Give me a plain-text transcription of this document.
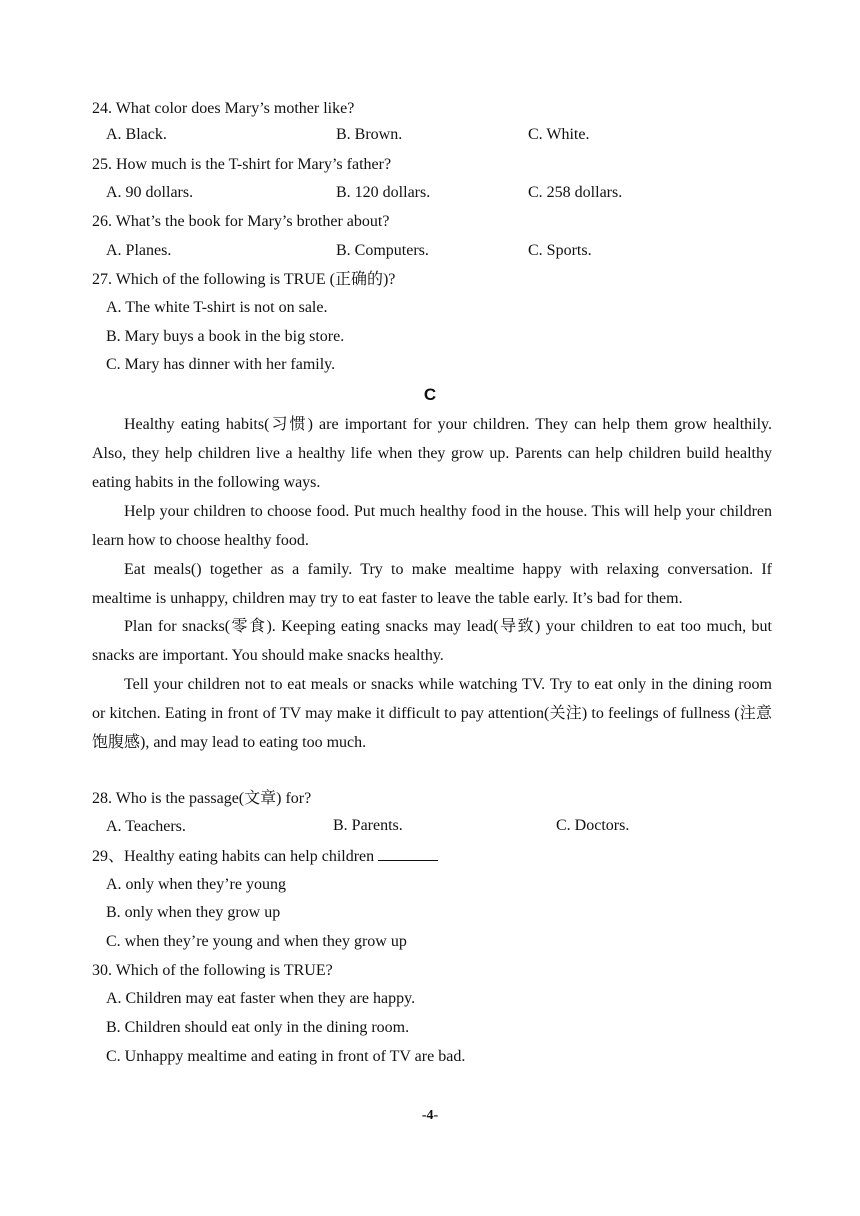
24. What color does Mary’s mother like?
A. Black.	B. Brown.	C. White.
25. How much is the T-shirt for Mary’s father?
A. 90 dollars.	B. 120 dollars.	C. 258 dollars.
26. What’s the book for Mary’s brother about?
A. Planes.	B. Computers.	C. Sports.
27. Which of the following is TRUE (正确的)?
A. The white T-shirt is not on sale.
B. Mary buys a book in the big store.
C. Mary has dinner with her family.
C
Healthy eating habits(习惯) are important for your children. They can help them grow healthily. Also, they help children live a healthy life when they grow up. Parents can help children build healthy eating habits in the following ways.
Help your children to choose food. Put much healthy food in the house. This will help your children learn how to choose healthy food.
Eat meals() together as a family. Try to make mealtime happy with relaxing conversation. If mealtime is unhappy, children may try to eat faster to leave the table early. It’s bad for them.
Plan for snacks(零食). Keeping eating snacks may lead(导致) your children to eat too much, but snacks are important. You should make snacks healthy.
Tell your children not to eat meals or snacks while watching TV. Try to eat only in the dining room or kitchen. Eating in front of TV may make it difficult to pay attention(关注) to feelings of fullness (注意饱腹感), and may lead to eating too much.
28. Who is the passage(文章) for?
A. Teachers.	B. Parents.	C. Doctors.
29、Healthy eating habits can help children
A. only when they’re young
B. only when they grow up
C. when they’re young and when they grow up
30. Which of the following is TRUE?
A. Children may eat faster when they are happy.
B. Children should eat only in the dining room.
C. Unhappy mealtime and eating in front of TV are bad.
-4-
